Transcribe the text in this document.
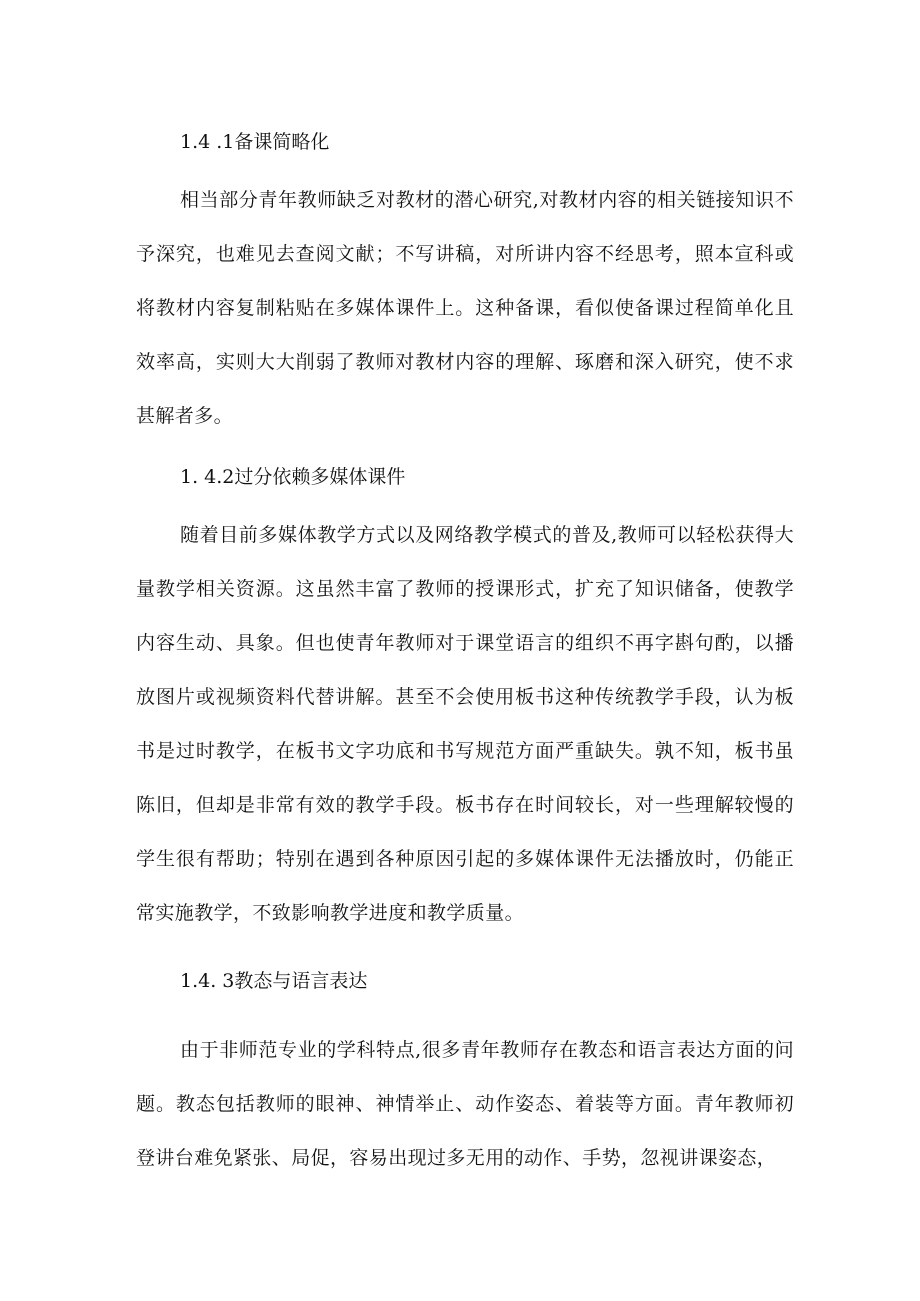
1.4 .1备课简略化
相当部分青年教师缺乏对教材的潜心研究,对教材内容的相关链接知识不予深究，也难见去查阅文献；不写讲稿，对所讲内容不经思考，照本宣科或将教材内容复制粘贴在多媒体课件上。这种备课，看似使备课过程简单化且效率高，实则大大削弱了教师对教材内容的理解、琢磨和深入研究，使不求甚解者多。
1. 4.2过分依赖多媒体课件
随着目前多媒体教学方式以及网络教学模式的普及,教师可以轻松获得大量教学相关资源。这虽然丰富了教师的授课形式，扩充了知识储备，使教学内容生动、具象。但也使青年教师对于课堂语言的组织不再字斟句酌，以播放图片或视频资料代替讲解。甚至不会使用板书这种传统教学手段，认为板书是过时教学，在板书文字功底和书写规范方面严重缺失。孰不知，板书虽陈旧，但却是非常有效的教学手段。板书存在时间较长，对一些理解较慢的学生很有帮助；特别在遇到各种原因引起的多媒体课件无法播放时，仍能正常实施教学，不致影响教学进度和教学质量。
1.4. 3教态与语言表达
由于非师范专业的学科特点,很多青年教师存在教态和语言表达方面的问题。教态包括教师的眼神、神情举止、动作姿态、着装等方面。青年教师初登讲台难免紧张、局促，容易出现过多无用的动作、手势，忽视讲课姿态，
